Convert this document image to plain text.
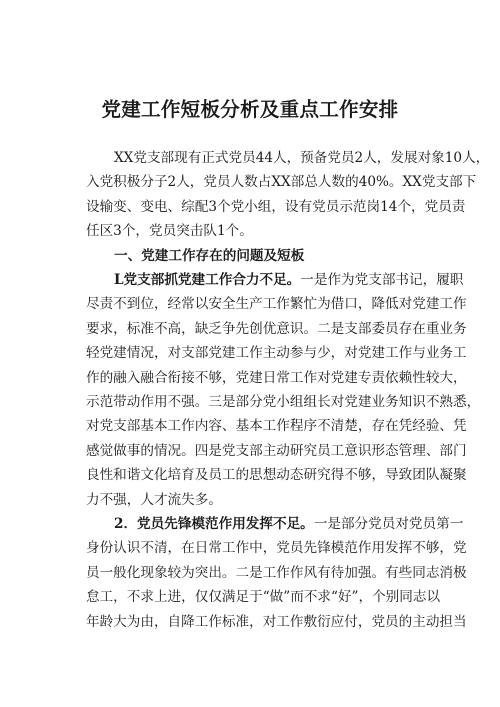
党建工作短板分析及重点工作安排
XX党支部现有正式党员44人，预备党员2人，发展对象10人，
入党积极分子2人，党员人数占XX部总人数的40%。XX党支部下
设输变、变电、综配3个党小组，设有党员示范岗14个，党员责
任区3个，党员突击队1个。
一、党建工作存在的问题及短板
L党支部抓党建工作合力不足。一是作为党支部书记，履职
尽责不到位，经常以安全生产工作繁忙为借口，降低对党建工作
要求，标准不高，缺乏争先创优意识。二是支部委员存在重业务
轻党建情况，对支部党建工作主动参与少，对党建工作与业务工
作的融入融合衔接不够，党建日常工作对党建专责依赖性较大，
示范带动作用不强。三是部分党小组组长对党建业务知识不熟悉，
对党支部基本工作内容、基本工作程序不清楚，存在凭经验、凭
感觉做事的情况。四是党支部主动研究员工意识形态管理、部门
良性和谐文化培育及员工的思想动态研究得不够，导致团队凝聚
力不强，人才流失多。
2．党员先锋模范作用发挥不足。一是部分党员对党员第一
身份认识不清，在日常工作中，党员先锋模范作用发挥不够，党
员一般化现象较为突出。二是工作作风有待加强。有些同志消极
怠工，不求上进，仅仅满足于“做”而不求“好”，个别同志以
年龄大为由，自降工作标准，对工作敷衍应付，党员的主动担当
